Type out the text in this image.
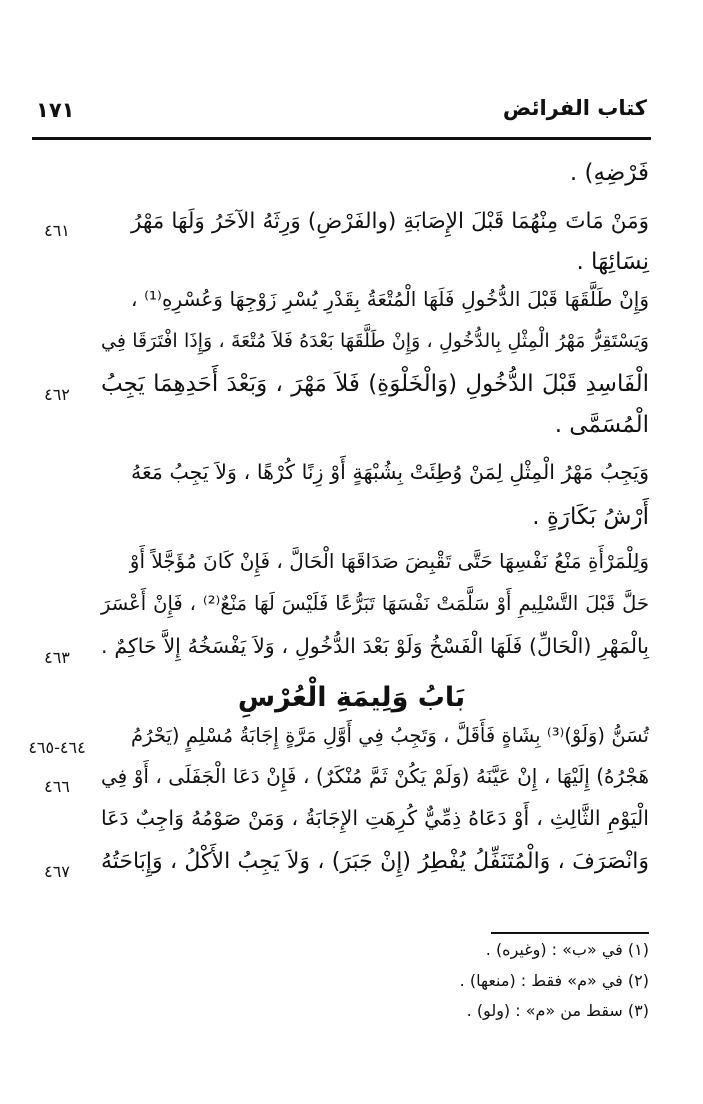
كتاب الفرائض
١٧١
فَرْضِهِ) .
وَمَنْ مَاتَ مِنْهُمَا قَبْلَ الإِصَابَةِ (والفَرْضِ) وَرِثَهُ الآخَرُ وَلَهَا مَهْرُ
نِسَائِهَا .
وَإِنْ طَلَّقَهَا قَبْلَ الدُّخُولِ فَلَهَا الْمُتْعَةُ بِقَدْرِ يُسْرِ زَوْجِهَا وَعُسْرِهِ⁽¹⁾ ،
وَيَسْتَقِرُّ مَهْرُ الْمِثْلِ بِالدُّخُولِ ، وَإِنْ طَلَّقَهَا بَعْدَهُ فَلاَ مُتْعَةَ ، وَإِذَا افْتَرَقَا فِي
الْفَاسِدِ قَبْلَ الدُّخُولِ (وَالْخَلْوَةِ) فَلاَ مَهْرَ ، وَبَعْدَ أَحَدِهِمَا يَجِبُ
الْمُسَمَّى .
وَيَجِبُ مَهْرُ الْمِثْلِ لِمَنْ وُطِئَتْ بِشُبْهَةٍ أَوْ زِنًا كُرْهًا ، وَلاَ يَجِبُ مَعَهُ
أَرْشُ بَكَارَةٍ .
وَلِلْمَرْأَةِ مَنْعُ نَفْسِهَا حَتَّى تَقْبِضَ صَدَاقَهَا الْحَالَّ ، فَإِنْ كَانَ مُؤَجَّلاً أَوْ
حَلَّ قَبْلَ التَّسْلِيمِ أَوْ سَلَّمَتْ نَفْسَهَا تَبَرُّعًا فَلَيْسَ لَهَا مَنْعٌ⁽²⁾ ، فَإِنْ أَعْسَرَ
بِالْمَهْرِ (الْحَالِّ) فَلَهَا الْفَسْخُ وَلَوْ بَعْدَ الدُّخُولِ ، وَلاَ يَفْسَخُهُ إِلاَّ حَاكِمٌ .
بَابُ وَلِيمَةِ الْعُرْسِ
تُسَنُّ (وَلَوْ)⁽³⁾ بِشَاةٍ فَأَقَلَّ ، وَتَجِبُ فِي أَوَّلِ مَرَّةٍ إِجَابَةُ مُسْلِمٍ (يَحْرُمُ
هَجْرُهُ) إِلَيْهَا ، إِنْ عَيَّنَهُ (وَلَمْ يَكُنْ ثَمَّ مُنْكَرٌ) ، فَإِنْ دَعَا الْجَفَلَى ، أَوْ فِي
الْيَوْمِ الثَّالِثِ ، أَوْ دَعَاهُ ذِمِّيٌّ كُرِهَتِ الإِجَابَةُ ، وَمَنْ صَوْمُهُ وَاجِبٌ دَعَا
وَانْصَرَفَ ، وَالْمُتَنَفِّلُ يُفْطِرُ (إِنْ جَبَرَ) ، وَلاَ يَجِبُ الأَكْلُ ، وَإِبَاحَتُهُ
٤٦١
٤٦٢
٤٦٣
٤٦٤-٤٦٥
٤٦٦
٤٦٧
(١) في «ب» : (وغيره) .
(٢) في «م» فقط : (منعها) .
(٣) سقط من «م» : (ولو) .
